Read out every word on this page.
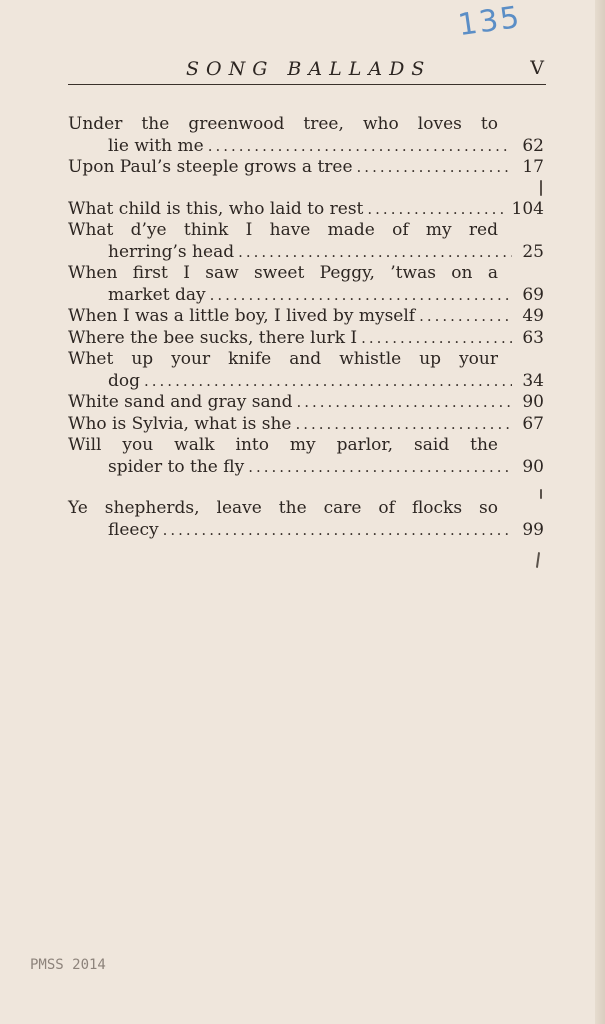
135
SONG BALLADS	V
Under the greenwood tree, who loves to
lie with me .....	62
Upon Paul’s steeple grows a tree .....	17
What child is this, who laid to rest .....	104
What d’ye think I have made of my red
herring’s head .....	25
When first I saw sweet Peggy, ’twas on a
market day .....	69
When I was a little boy, I lived by myself .....	49
Where the bee sucks, there lurk I .....	63
Whet up your knife and whistle up your
dog .....	34
White sand and gray sand .....	90
Who is Sylvia, what is she .....	67
Will you walk into my parlor, said the
spider to the fly .....	90
Ye shepherds, leave the care of flocks so
fleecy .....	99
PMSS 2014
